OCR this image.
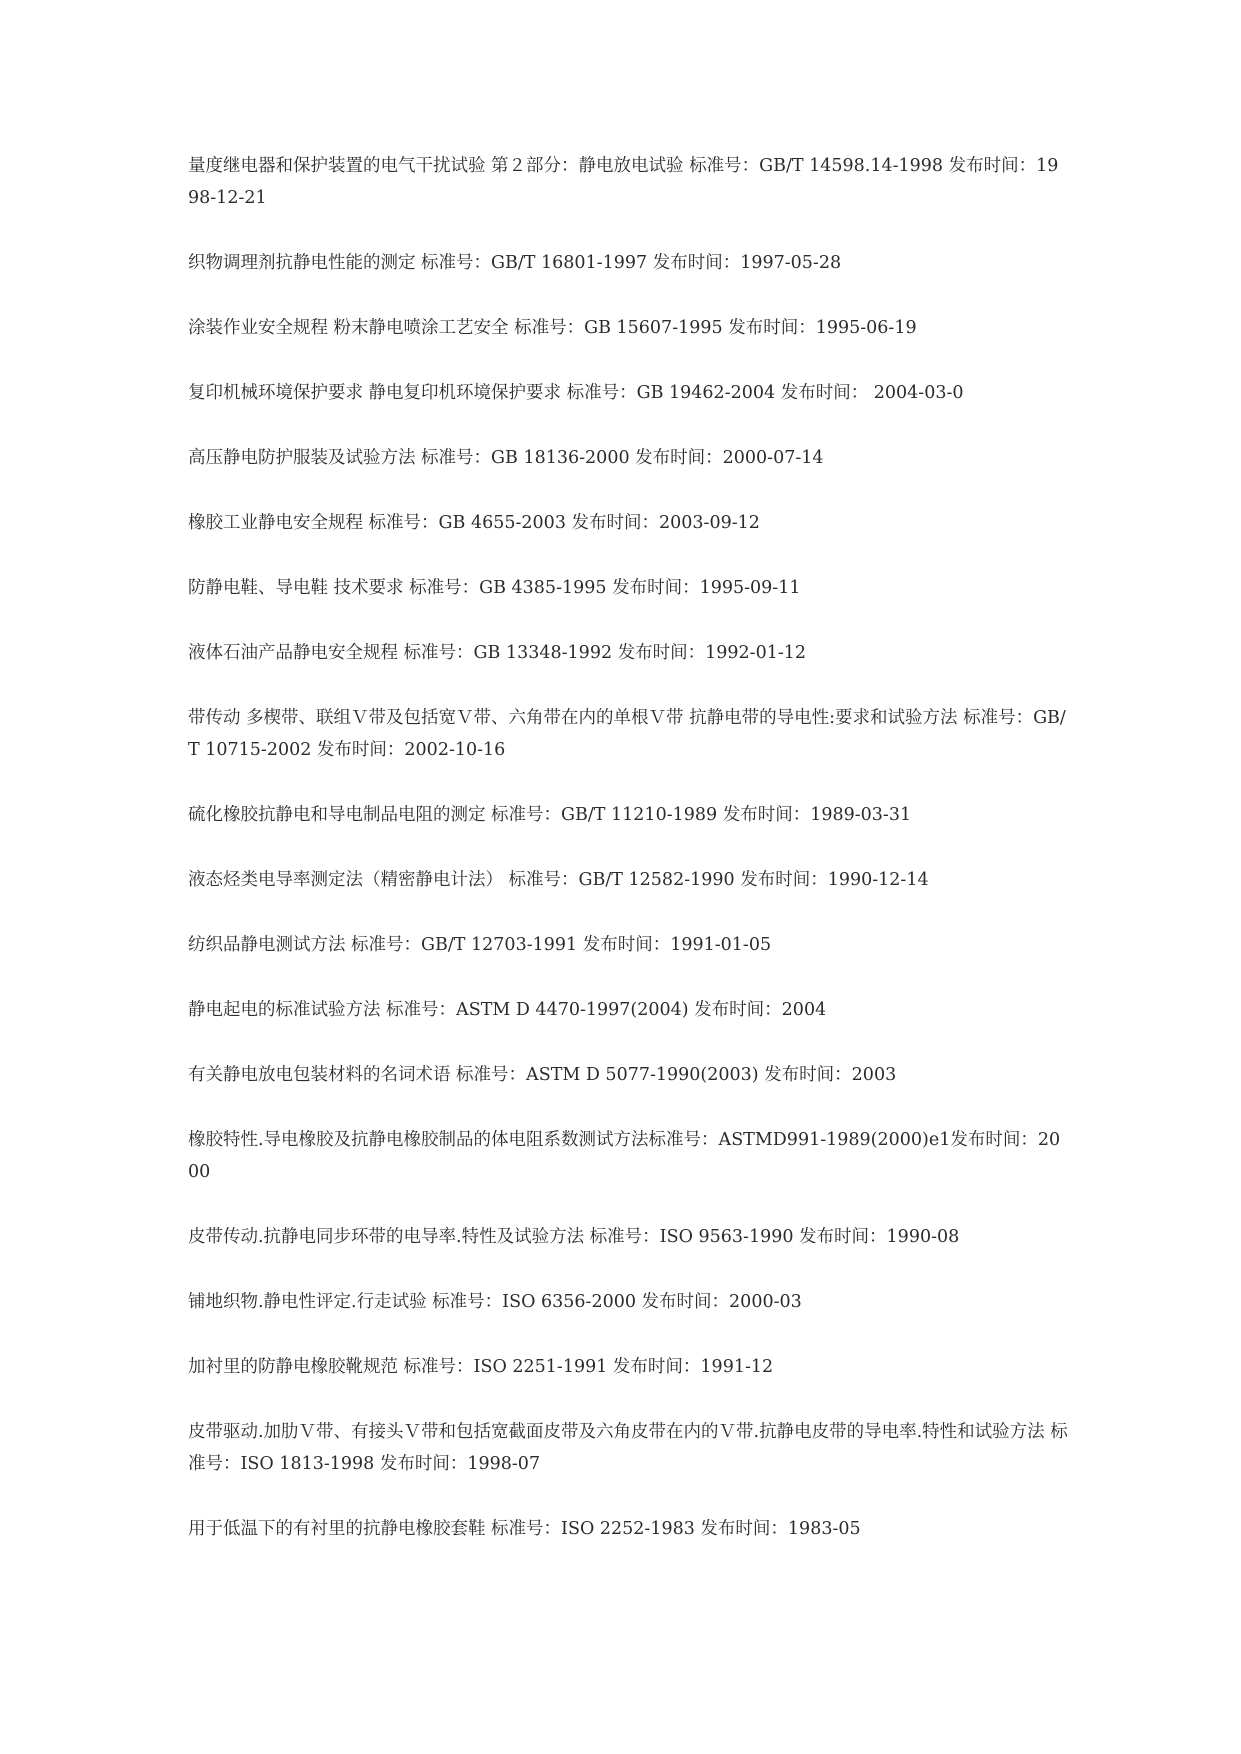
量度继电器和保护装置的电气干扰试验 第２部分：静电放电试验 标准号：GB/T 14598.14-1998 发布时间：1998-12-21

织物调理剂抗静电性能的测定 标准号：GB/T 16801-1997 发布时间：1997-05-28

涂装作业安全规程 粉末静电喷涂工艺安全 标准号：GB 15607-1995 发布时间：1995-06-19

复印机械环境保护要求 静电复印机环境保护要求 标准号：GB 19462-2004 发布时间： 2004-03-0

高压静电防护服装及试验方法 标准号：GB 18136-2000 发布时间：2000-07-14

橡胶工业静电安全规程 标准号：GB 4655-2003 发布时间：2003-09-12

防静电鞋、导电鞋 技术要求 标准号：GB 4385-1995 发布时间：1995-09-11

液体石油产品静电安全规程 标准号：GB 13348-1992 发布时间：1992-01-12

带传动 多楔带、联组Ｖ带及包括宽Ｖ带、六角带在内的单根Ｖ带 抗静电带的导电性:要求和试验方法 标准号：GB/T 10715-2002 发布时间：2002-10-16

硫化橡胶抗静电和导电制品电阻的测定 标准号：GB/T 11210-1989 发布时间：1989-03-31

液态烃类电导率测定法（精密静电计法） 标准号：GB/T 12582-1990 发布时间：1990-12-14

纺织品静电测试方法 标准号：GB/T 12703-1991 发布时间：1991-01-05

静电起电的标准试验方法 标准号：ASTM D 4470-1997(2004) 发布时间：2004

有关静电放电包装材料的名词术语 标准号：ASTM D 5077-1990(2003) 发布时间：2003

橡胶特性.导电橡胶及抗静电橡胶制品的体电阻系数测试方法标准号：ASTMD991-1989(2000)e1发布时间：2000

皮带传动.抗静电同步环带的电导率.特性及试验方法 标准号：ISO 9563-1990 发布时间：1990-08

铺地织物.静电性评定.行走试验 标准号：ISO 6356-2000 发布时间：2000-03

加衬里的防静电橡胶靴规范 标准号：ISO 2251-1991 发布时间：1991-12

皮带驱动.加肋Ｖ带、有接头Ｖ带和包括宽截面皮带及六角皮带在内的Ｖ带.抗静电皮带的导电率.特性和试验方法 标准号：ISO 1813-1998 发布时间：1998-07

用于低温下的有衬里的抗静电橡胶套鞋 标准号：ISO 2252-1983 发布时间：1983-05
